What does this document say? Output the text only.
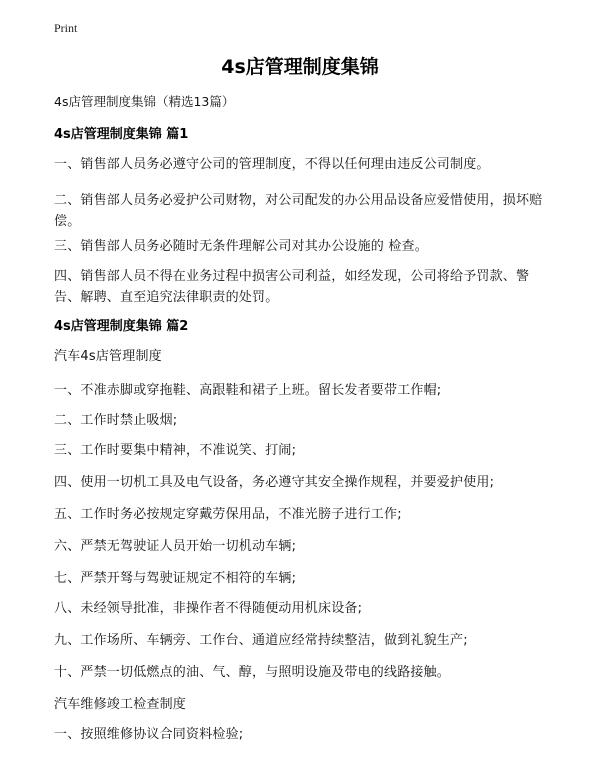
Print
4s店管理制度集锦
4s店管理制度集锦（精选13篇）
4s店管理制度集锦 篇1
一、销售部人员务必遵守公司的管理制度，不得以任何理由违反公司制度。
二、销售部人员务必爱护公司财物，对公司配发的办公用品设备应爱惜使用，损坏赔偿。
三、销售部人员务必随时无条件理解公司对其办公设施的 检查。
四、销售部人员不得在业务过程中损害公司利益，如经发现，公司将给予罚款、警告、解聘、直至追究法律职责的处罚。
4s店管理制度集锦 篇2
汽车4s店管理制度
一、不准赤脚或穿拖鞋、高跟鞋和裙子上班。留长发者要带工作帽;
二、工作时禁止吸烟;
三、工作时要集中精神，不准说笑、打闹;
四、使用一切机工具及电气设备，务必遵守其安全操作规程，并要爱护使用;
五、工作时务必按规定穿戴劳保用品，不准光膀子进行工作;
六、严禁无驾驶证人员开始一切机动车辆;
七、严禁开驽与驾驶证规定不相符的车辆;
八、未经领导批准，非操作者不得随便动用机床设备;
九、工作场所、车辆旁、工作台、通道应经常持续整洁，做到礼貌生产;
十、严禁一切低燃点的油、气、醇，与照明设施及带电的线路接触。
汽车维修竣工检查制度
一、按照维修协议合同资料检验;
